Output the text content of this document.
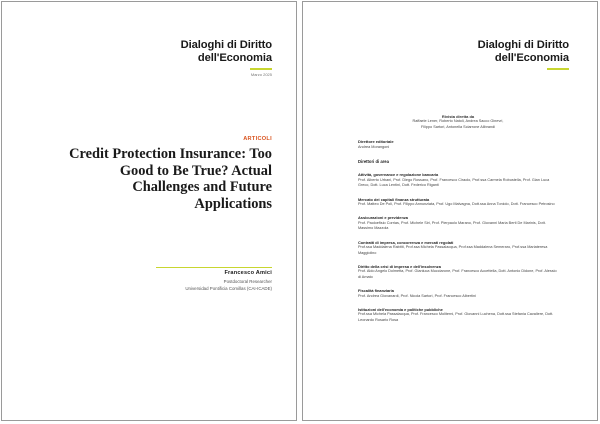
Dialoghi di Diritto
dell'Economia
Marzo 2025
ARTICOLI
Credit Protection Insurance: Too Good to Be True? Actual Challenges and Future Applications
Francesco Amici
Postdoctoral Researcher
Universidad Pontificia Comillas (CAI-ICADE)
Dialoghi di Diritto
dell'Economia
Rivista diretta da
Raffaele Lener, Roberto Natoli, Andrea Sacco Ginevri,
Filippo Sartori, Antonella Sciarrone Alibrandi
Direttore editoriale
Andrea Morangoni
Direttori di area
Attività, governance e regolazione bancaria
Prof. Alberto Urbani, Prof. Diego Rossano, Prof. Francesco Ciraolo, Prof.ssa Carmela Robustella, Prof. Gian Luca Greco, Dott. Luca Lentini, Dott. Federico Riganti
Mercato dei capitali finanza strutturata
Prof. Matteo De Poli, Prof. Filippo Annunziata, Prof. Ugo Malvagna, Dott.ssa Anna Toniolo, Dott. Francesco Petrosino
Assicurazioni e previdenza
Prof. Paoloefisio Corrias, Prof. Michele Siri, Prof. Pierpaolo Marano, Prof. Giovanni Maria Berti De Marinis, Dott. Massimo Mazzola
Contratti di impresa, concorrenza e mercati regolati
Prof.ssa Maddalena Rabitti, Prof.ssa Michela Passalacqua, Prof.ssa Maddalena Semeraro, Prof.ssa Mariateresa Maggiolino
Diritto della crisi di impresa e dell'insolvenza
Prof. Aldo Angelo Dolmetta, Prof. Gianluca Mucciarone, Prof. Francesco Accettella, Dott. Antonio Didone, Prof. Alessio di Amato
Fiscalità finanziaria
Prof. Andrea Giovanardi, Prof. Nicola Sartori, Prof. Francesco Albertini
Istituzioni dell'economia e politiche pubbliche
Prof.ssa Michela Passalacqua, Prof. Francesco Moliterni, Prof. Giovanni Luchena, Dott.ssa Stefania Cavaliere, Dott. Leonardo Rosario Rosa
